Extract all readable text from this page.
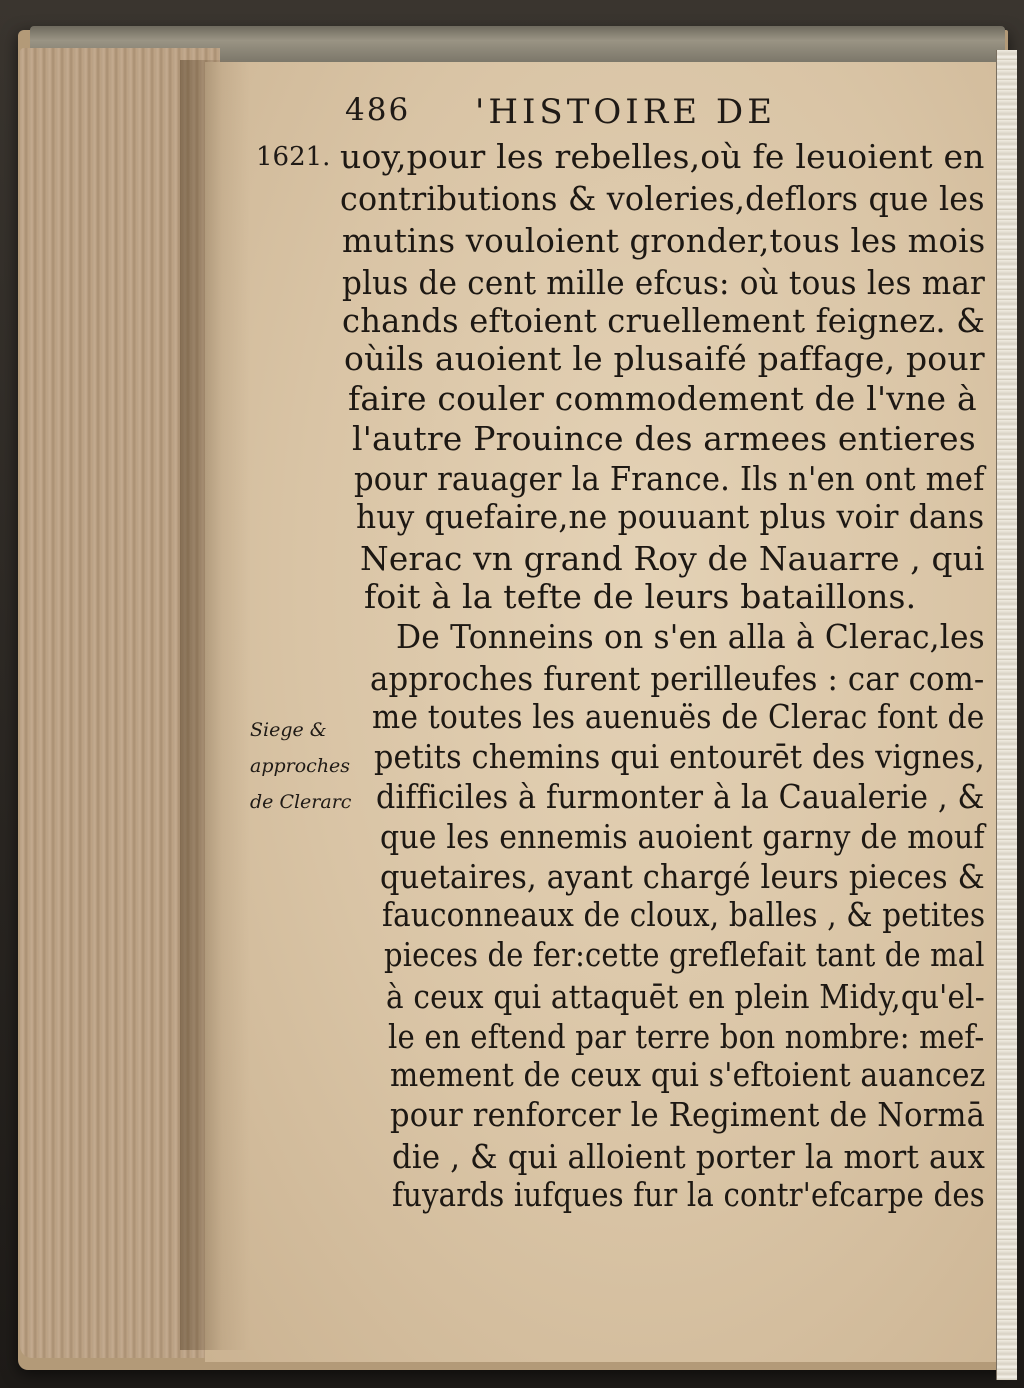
486 'HISTOIRE DE
1621.
Siege &
approches
de Clerarc
uoy,pour les rebelles,où fe leuoient en
contributions & voleries,deflors que les
mutins vouloient gronder,tous les mois
plus de cent mille efcus: où tous les mar
chands eftoient cruellement feignez. &
oùils auoient le plusaifé paffage, pour
faire couler commodement de l'vne à
l'autre Prouince des armees entieres
pour rauager la France. Ils n'en ont mef
huy quefaire,ne pouuant plus voir dans
Nerac vn grand Roy de Nauarre , qui
foit à la tefte de leurs bataillons.
De Tonneins on s'en alla à Clerac,les
approches furent perilleufes : car com-
me toutes les auenuës de Clerac font de
petits chemins qui entourēt des vignes,
difficiles à furmonter à la Caualerie , &
que les ennemis auoient garny de mouf
quetaires, ayant chargé leurs pieces &
fauconneaux de cloux, balles , & petites
pieces de fer:cette greflefait tant de mal
à ceux qui attaquēt en plein Midy,qu'el-
le en eftend par terre bon nombre: mef-
mement de ceux qui s'eftoient auancez
pour renforcer le Regiment de Normā
die , & qui alloient porter la mort aux
fuyards iufques fur la contr'efcarpe des
